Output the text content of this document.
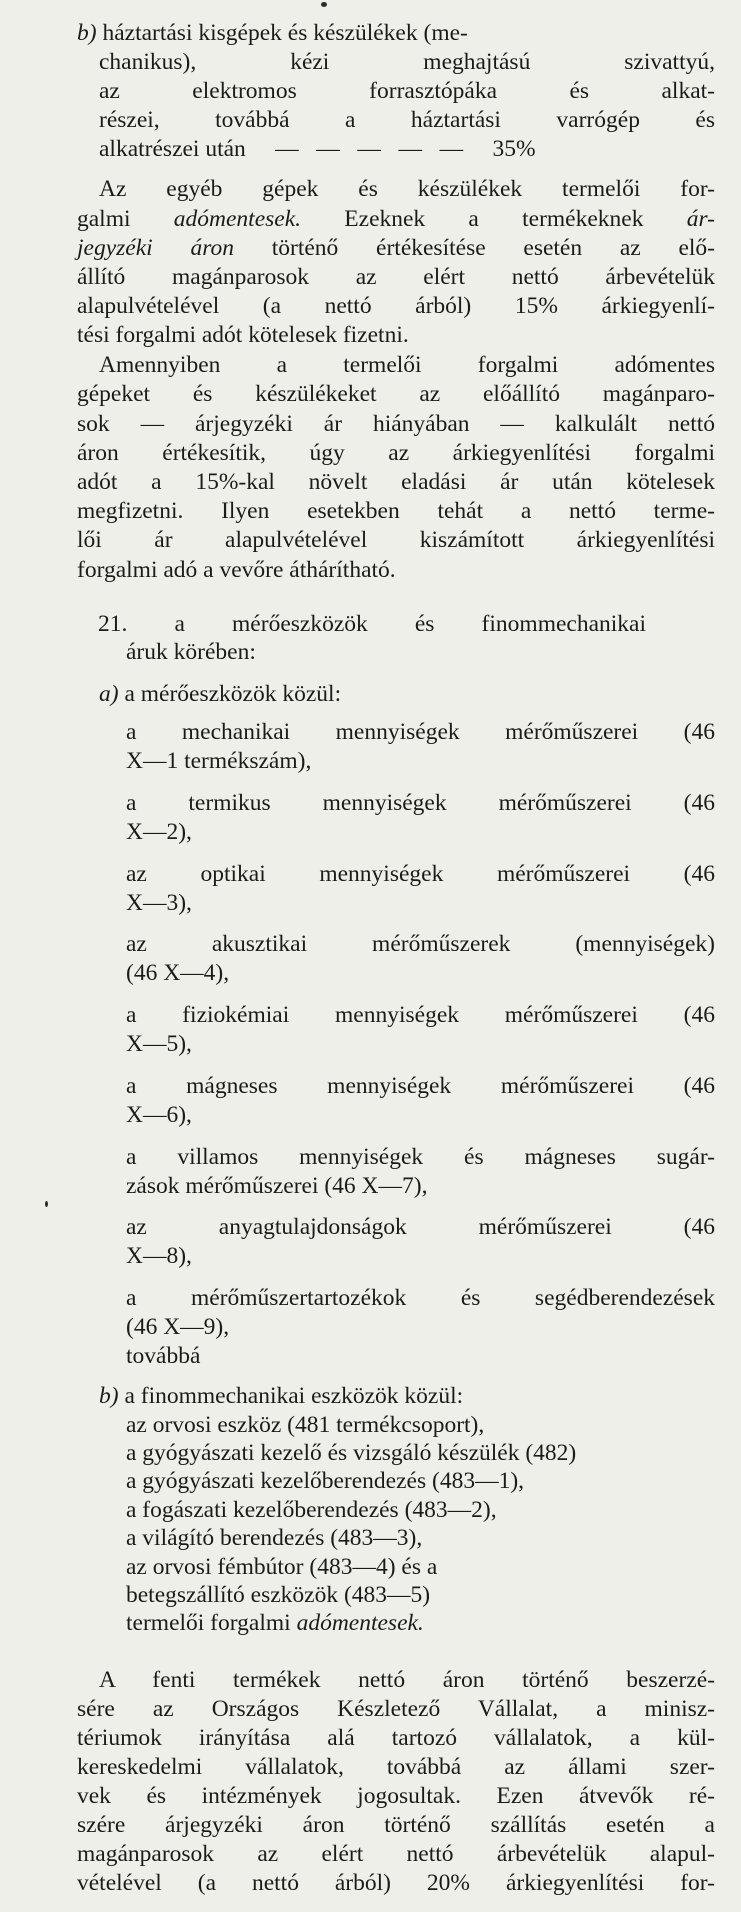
b) háztartási kisgépek és készülékek (me-
chanikus), kézi meghajtású szivattyú,
az elektromos forrasztópáka és alkat-
részei, továbbá a háztartási varrógép és
alkatrészei után     —   —   —   —   —     35%
Az egyéb gépek és készülékek termelői for-
galmi adómentesek. Ezeknek a termékeknek ár-
jegyzéki áron történő értékesítése esetén az elő-
állító magánparosok az elért nettó árbevételük
alapulvételével (a nettó árból) 15% árkiegyenlí-
tési forgalmi adót kötelesek fizetni.
Amennyiben a termelői forgalmi adómentes
gépeket és készülékeket az előállító magánparo-
sok — árjegyzéki ár hiányában — kalkulált nettó
áron értékesítik, úgy az árkiegyenlítési forgalmi
adót a 15%-kal növelt eladási ár után kötelesek
megfizetni. Ilyen esetekben tehát a nettó terme-
lői ár alapulvételével kiszámított árkiegyenlítési
forgalmi adó a vevőre áthárítható.
21. a mérőeszközök és finommechanikai
áruk körében:
a) a mérőeszközök közül:
a mechanikai mennyiségek mérőműszerei (46
X—1 termékszám),
a termikus mennyiségek mérőműszerei (46
X—2),
az optikai mennyiségek mérőműszerei (46
X—3),
az akusztikai mérőműszerek (mennyiségek)
(46 X—4),
a fiziokémiai mennyiségek mérőműszerei (46
X—5),
a mágneses mennyiségek mérőműszerei (46
X—6),
a villamos mennyiségek és mágneses sugár-
zások mérőműszerei (46 X—7),
az anyagtulajdonságok mérőműszerei (46
X—8),
a mérőműszertartozékok és segédberendezések
(46 X—9),
továbbá
b) a finommechanikai eszközök közül:
az orvosi eszköz (481 termékcsoport),
a gyógyászati kezelő és vizsgáló készülék (482)
a gyógyászati kezelőberendezés (483—1),
a fogászati kezelőberendezés (483—2),
a világító berendezés (483—3),
az orvosi fémbútor (483—4) és a
betegszállító eszközök (483—5)
termelői forgalmi adómentesek.
A fenti termékek nettó áron történő beszerzé-
sére az Országos Készletező Vállalat, a minisz-
tériumok irányítása alá tartozó vállalatok, a kül-
kereskedelmi vállalatok, továbbá az állami szer-
vek és intézmények jogosultak. Ezen átvevők ré-
szére árjegyzéki áron történő szállítás esetén a
magánparosok az elért nettó árbevételük alapul-
vételével (a nettó árból) 20% árkiegyenlítési for-
